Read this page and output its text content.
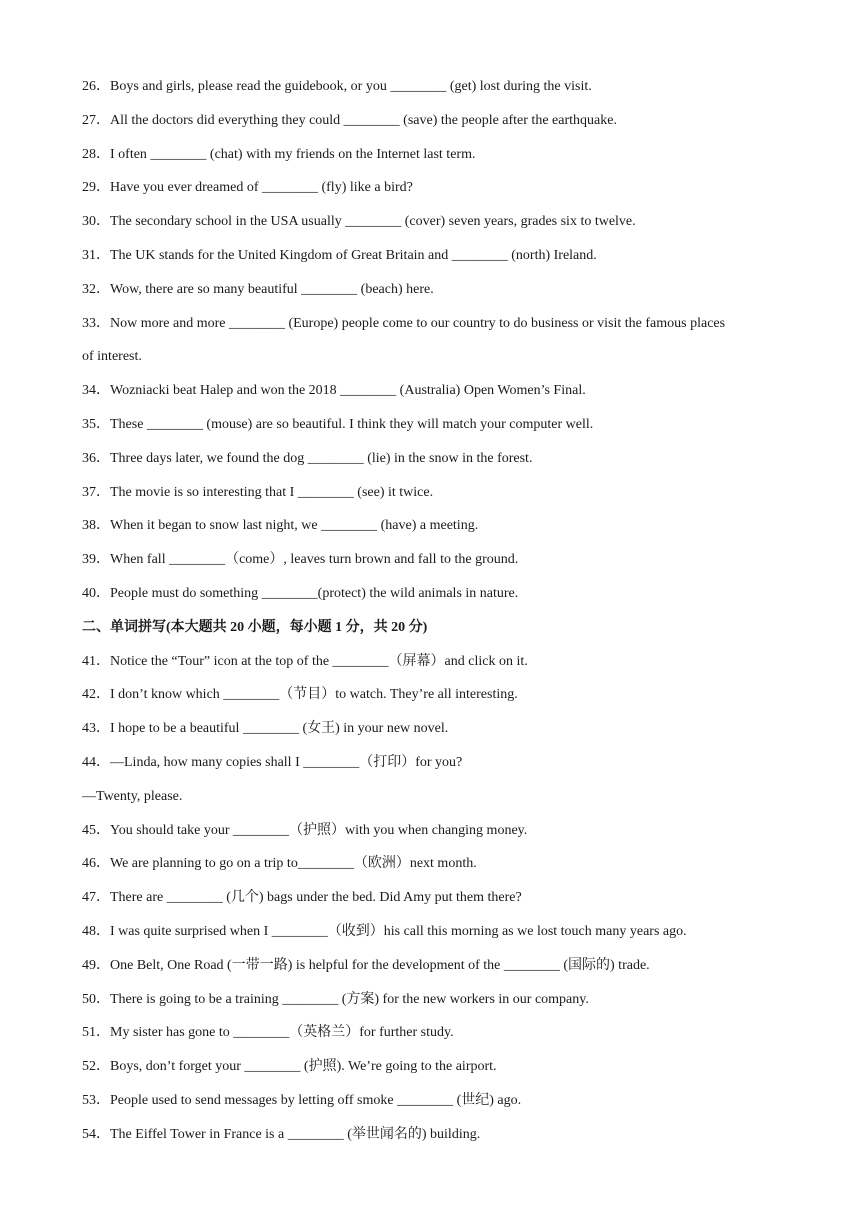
26．Boys and girls, please read the guidebook, or you ________ (get) lost during the visit.
27．All the doctors did everything they could ________ (save) the people after the earthquake.
28．I often ________ (chat) with my friends on the Internet last term.
29．Have you ever dreamed of ________ (fly) like a bird?
30．The secondary school in the USA usually ________ (cover) seven years, grades six to twelve.
31．The UK stands for the United Kingdom of Great Britain and ________ (north) Ireland.
32．Wow, there are so many beautiful ________ (beach) here.
33．Now more and more ________ (Europe) people come to our country to do business or visit the famous places
of interest.
34．Wozniacki beat Halep and won the 2018 ________ (Australia) Open Women’s Final.
35．These ________ (mouse) are so beautiful. I think they will match your computer well.
36．Three days later, we found the dog ________ (lie) in the snow in the forest.
37．The movie is so interesting that I ________ (see) it twice.
38．When it began to snow last night, we ________ (have) a meeting.
39．When fall ________（come）, leaves turn brown and fall to the ground.
40．People must do something ________(protect) the wild animals in nature.
二、单词拼写(本大题共 20 小题，每小题 1 分，共 20 分)
41．Notice the “Tour” icon at the top of the ________（屏幕）and click on it.
42．I don’t know which ________（节目）to watch. They’re all interesting.
43．I hope to be a beautiful ________ (女王) in your new novel.
44．—Linda, how many copies shall I ________（打印）for you?
—Twenty, please.
45．You should take your ________（护照）with you when changing money.
46．We are planning to go on a trip to________（欧洲）next month.
47．There are ________ (几个) bags under the bed. Did Amy put them there?
48．I was quite surprised when I ________（收到）his call this morning as we lost touch many years ago.
49．One Belt, One Road (一带一路) is helpful for the development of the ________ (国际的) trade.
50．There is going to be a training ________ (方案) for the new workers in our company.
51．My sister has gone to ________（英格兰）for further study.
52．Boys, don’t forget your ________ (护照). We’re going to the airport.
53．People used to send messages by letting off smoke ________ (世纪) ago.
54．The Eiffel Tower in France is a ________ (举世闻名的) building.
